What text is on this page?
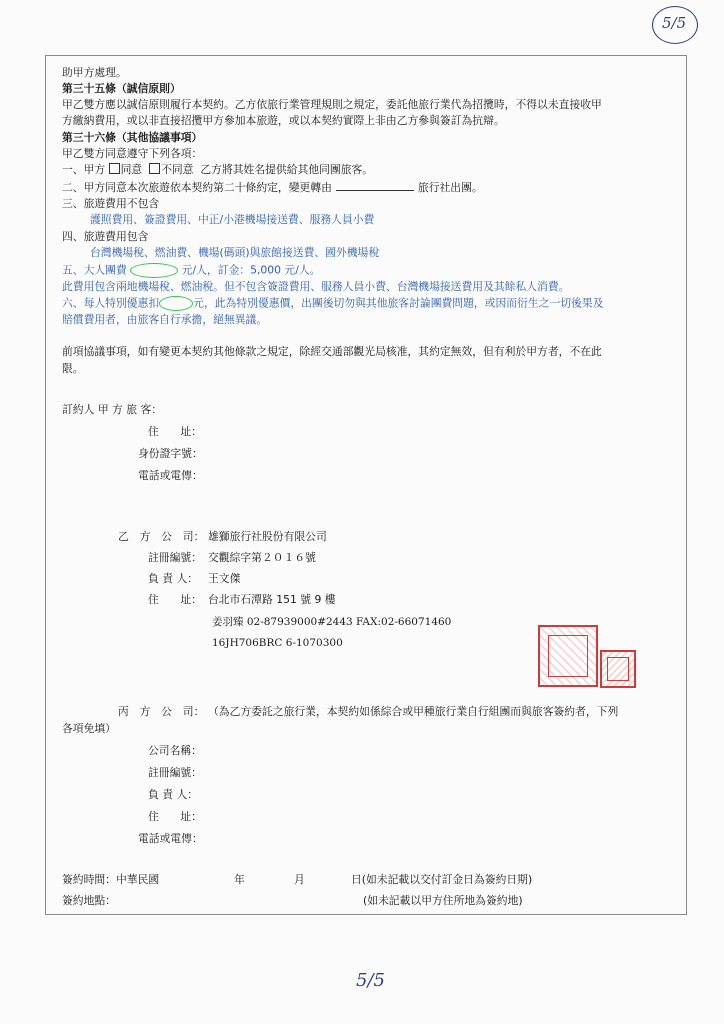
5/5
助甲方處理。
第三十五條（誠信原則）
甲乙雙方應以誠信原則履行本契約。乙方依旅行業管理規則之規定，委託他旅行業代為招攬時，不得以未直接收甲
方繳納費用，或以非直接招攬甲方參加本旅遊，或以本契約實際上非由乙方參與簽訂為抗辯。
第三十六條（其他協議事項）
甲乙雙方同意遵守下列各項：
一、甲方 同意 不同意 乙方將其姓名提供給其他同團旅客。
二、甲方同意本次旅遊依本契約第二十條約定，變更轉由	旅行社出團。
三、旅遊費用不包含
護照費用、簽證費用、中正/小港機場接送費、服務人員小費
四、旅遊費用包含
台灣機場稅、燃油費、機場(碼頭)與旅館接送費、國外機場稅
五、大人團費	元/人，訂金：5,000 元/人。
此費用包含兩地機場稅、燃油稅。但不包含簽證費用、服務人員小費、台灣機場接送費用及其餘私人消費。
六、每人特別優惠扣	元，此為特別優惠價，出團後切勿與其他旅客討論團費問題，或因而衍生之一切後果及
賠償費用者，由旅客自行承擔，絕無異議。
前項協議事項，如有變更本契約其他條款之規定，除經交通部觀光局核准，其約定無效，但有利於甲方者，不在此
限。
訂約人 甲 方 旅 客：
住　　址：
身份證字號：
電話或電傳：
乙　方　公　司： 雄獅旅行社股份有限公司
註冊編號： 交觀綜字第２０１６號
負 責 人： 王文傑
住　　址： 台北市石潭路 151 號 9 樓
姜羽臻 02-87939000#2443 FAX:02-66071460
16JH706BRC 6-1070300
丙　方　公　司： （為乙方委託之旅行業，本契約如係綜合或甲種旅行業自行組團而與旅客簽約者，下列
各項免填）
公司名稱：
註冊編號：
負 責 人：
住　　址：
電話或電傳：
簽約時間：中華民國	年	月	日(如未記載以交付訂金日為簽約日期)
簽約地點：	(如未記載以甲方住所地為簽約地)
5/5
